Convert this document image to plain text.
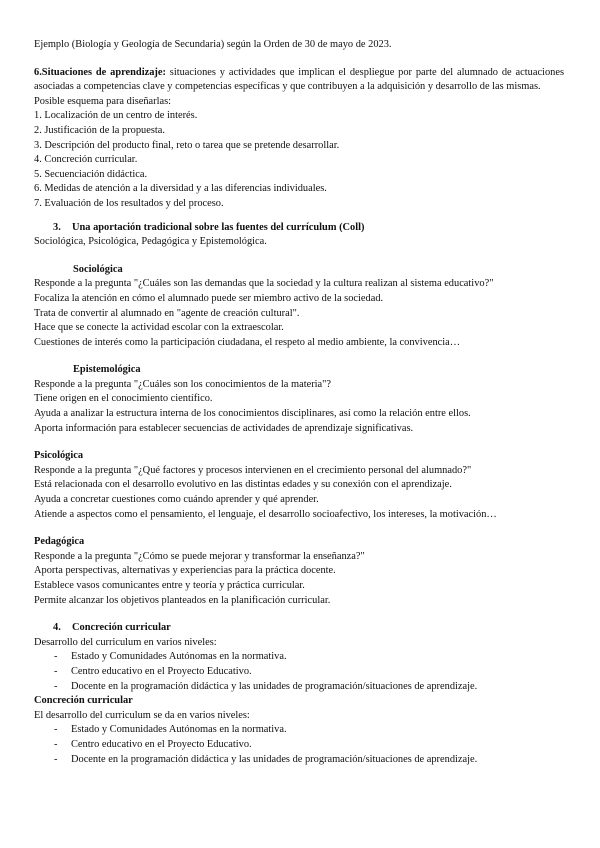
Ejemplo (Biología y Geología de Secundaria) según la Orden de 30 de mayo de 2023.

6.Situaciones de aprendizaje: situaciones y actividades que implican el despliegue por parte del alumnado de actuaciones asociadas a competencias clave y competencias específicas y que contribuyen a la adquisición y desarrollo de las mismas.

Posible esquema para diseñarlas:

1. Localización de un centro de interés.

2. Justificación de la propuesta.

3. Descripción del producto final, reto o tarea que se pretende desarrollar.

4. Concreción curricular.

5. Secuenciación didáctica.

6. Medidas de atención a la diversidad y a las diferencias individuales.

7. Evaluación de los resultados y del proceso.

3. Una aportación tradicional sobre las fuentes del currículum (Coll)

Sociológica, Psicológica, Pedagógica y Epistemológica.

Sociológica

Responde a la pregunta "¿Cuáles son las demandas que la sociedad y la cultura realizan al sistema educativo?"

Focaliza la atención en cómo el alumnado puede ser miembro activo de la sociedad.

Trata de convertir al alumnado en "agente de creación cultural".

Hace que se conecte la actividad escolar con la extraescolar.

Cuestiones de interés como la participación ciudadana, el respeto al medio ambiente, la convivencia…

Epistemológica

Responde a la pregunta "¿Cuáles son los conocimientos de la materia"?

Tiene origen en el conocimiento científico.

Ayuda a analizar la estructura interna de los conocimientos disciplinares, así como la relación entre ellos.

Aporta información para establecer secuencias de actividades de aprendizaje significativas.

Psicológica

Responde a la pregunta "¿Qué factores y procesos intervienen en el crecimiento personal del alumnado?"

Está relacionada con el desarrollo evolutivo en las distintas edades y su conexión con el aprendizaje.

Ayuda a concretar cuestiones como cuándo aprender y qué aprender.

Atiende a aspectos como el pensamiento, el lenguaje, el desarrollo socioafectivo, los intereses, la motivación…

Pedagógica

Responde a la pregunta "¿Cómo se puede mejorar y transformar la enseñanza?"

Aporta perspectivas, alternativas y experiencias para la práctica docente.

Establece vasos comunicantes entre y teoría y práctica curricular.

Permite alcanzar los objetivos planteados en la planificación curricular.

4. Concreción curricular

Desarrollo del curriculum en varios niveles:

- Estado y Comunidades Autónomas en la normativa.
- Centro educativo en el Proyecto Educativo.
- Docente en la programación didáctica y las unidades de programación/situaciones de aprendizaje.

Concreción curricular

El desarrollo del curriculum se da en varios niveles:

- Estado y Comunidades Autónomas en la normativa.
- Centro educativo en el Proyecto Educativo.
- Docente en la programación didáctica y las unidades de programación/situaciones de aprendizaje.
